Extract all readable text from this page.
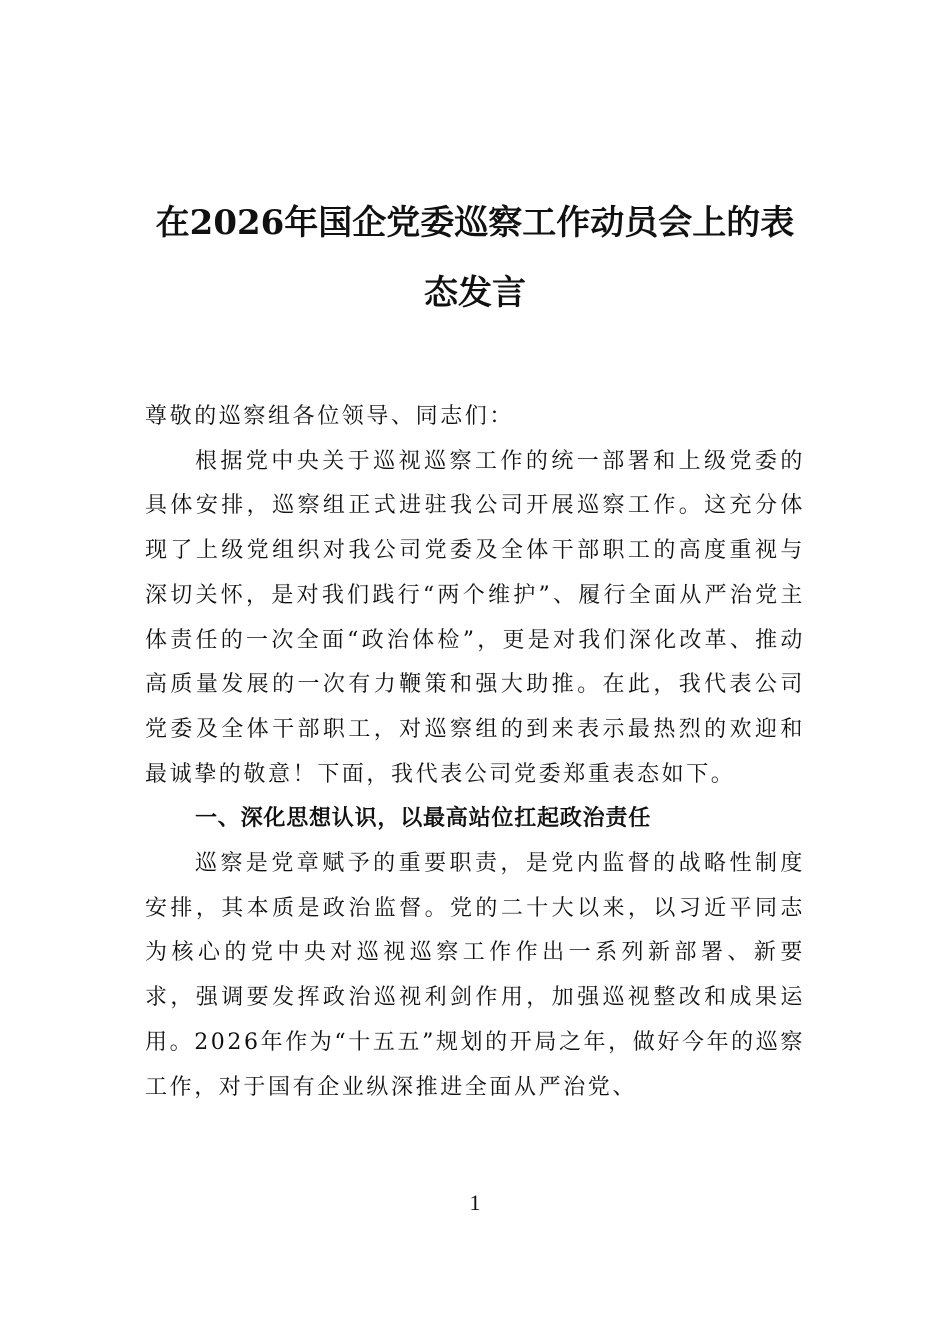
在2026年国企党委巡察工作动员会上的表态发言

尊敬的巡察组各位领导、同志们：

根据党中央关于巡视巡察工作的统一部署和上级党委的具体安排，巡察组正式进驻我公司开展巡察工作。这充分体现了上级党组织对我公司党委及全体干部职工的高度重视与深切关怀，是对我们践行“两个维护”、履行全面从严治党主体责任的一次全面“政治体检”，更是对我们深化改革、推动高质量发展的一次有力鞭策和强大助推。在此，我代表公司党委及全体干部职工，对巡察组的到来表示最热烈的欢迎和最诚挚的敬意！下面，我代表公司党委郑重表态如下。

一、深化思想认识，以最高站位扛起政治责任

巡察是党章赋予的重要职责，是党内监督的战略性制度安排，其本质是政治监督。党的二十大以来，以习近平同志为核心的党中央对巡视巡察工作作出一系列新部署、新要求，强调要发挥政治巡视利剑作用，加强巡视整改和成果运用。2026年作为“十五五”规划的开局之年，做好今年的巡察工作，对于国有企业纵深推进全面从严治党、

1
